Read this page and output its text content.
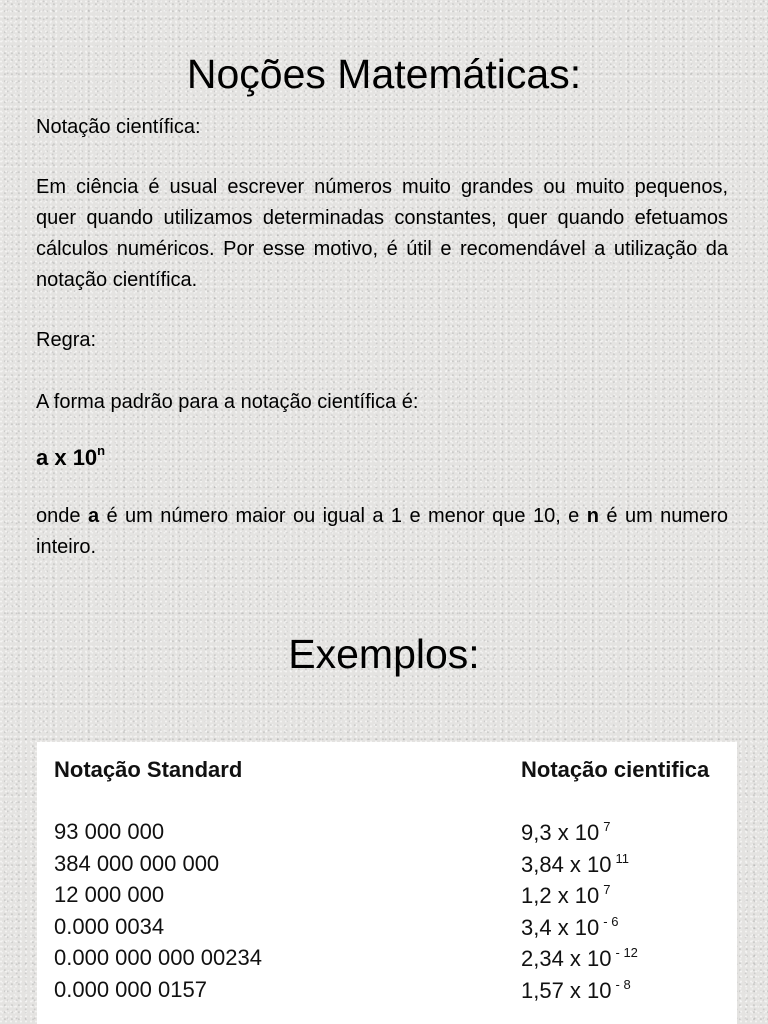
Noções Matemáticas:

Notação científica:

Em ciência é usual escrever números muito grandes ou muito pequenos, quer quando utilizamos determinadas constantes, quer quando efetuamos cálculos numéricos. Por esse motivo, é útil e recomendável a utilização da notação científica.

Regra:

A forma padrão para a notação científica é:

a x 10$^n$

onde a é um número maior ou igual a 1 e menor que 10, e n é um numero inteiro.

Exemplos:
Notação Standard	Notação cientifica

93 000 000	9,3 x 10 $^7$
384 000 000 000	3,84 x 10 $^{11}$
12 000 000	1,2 x 10 $^7$
0.000 0034	3,4 x 10 $^{- 6}$
0.000 000 000 00234	2,34 x 10 $^{- 12}$
0.000 000 0157	1,57 x 10 $^{- 8}$
